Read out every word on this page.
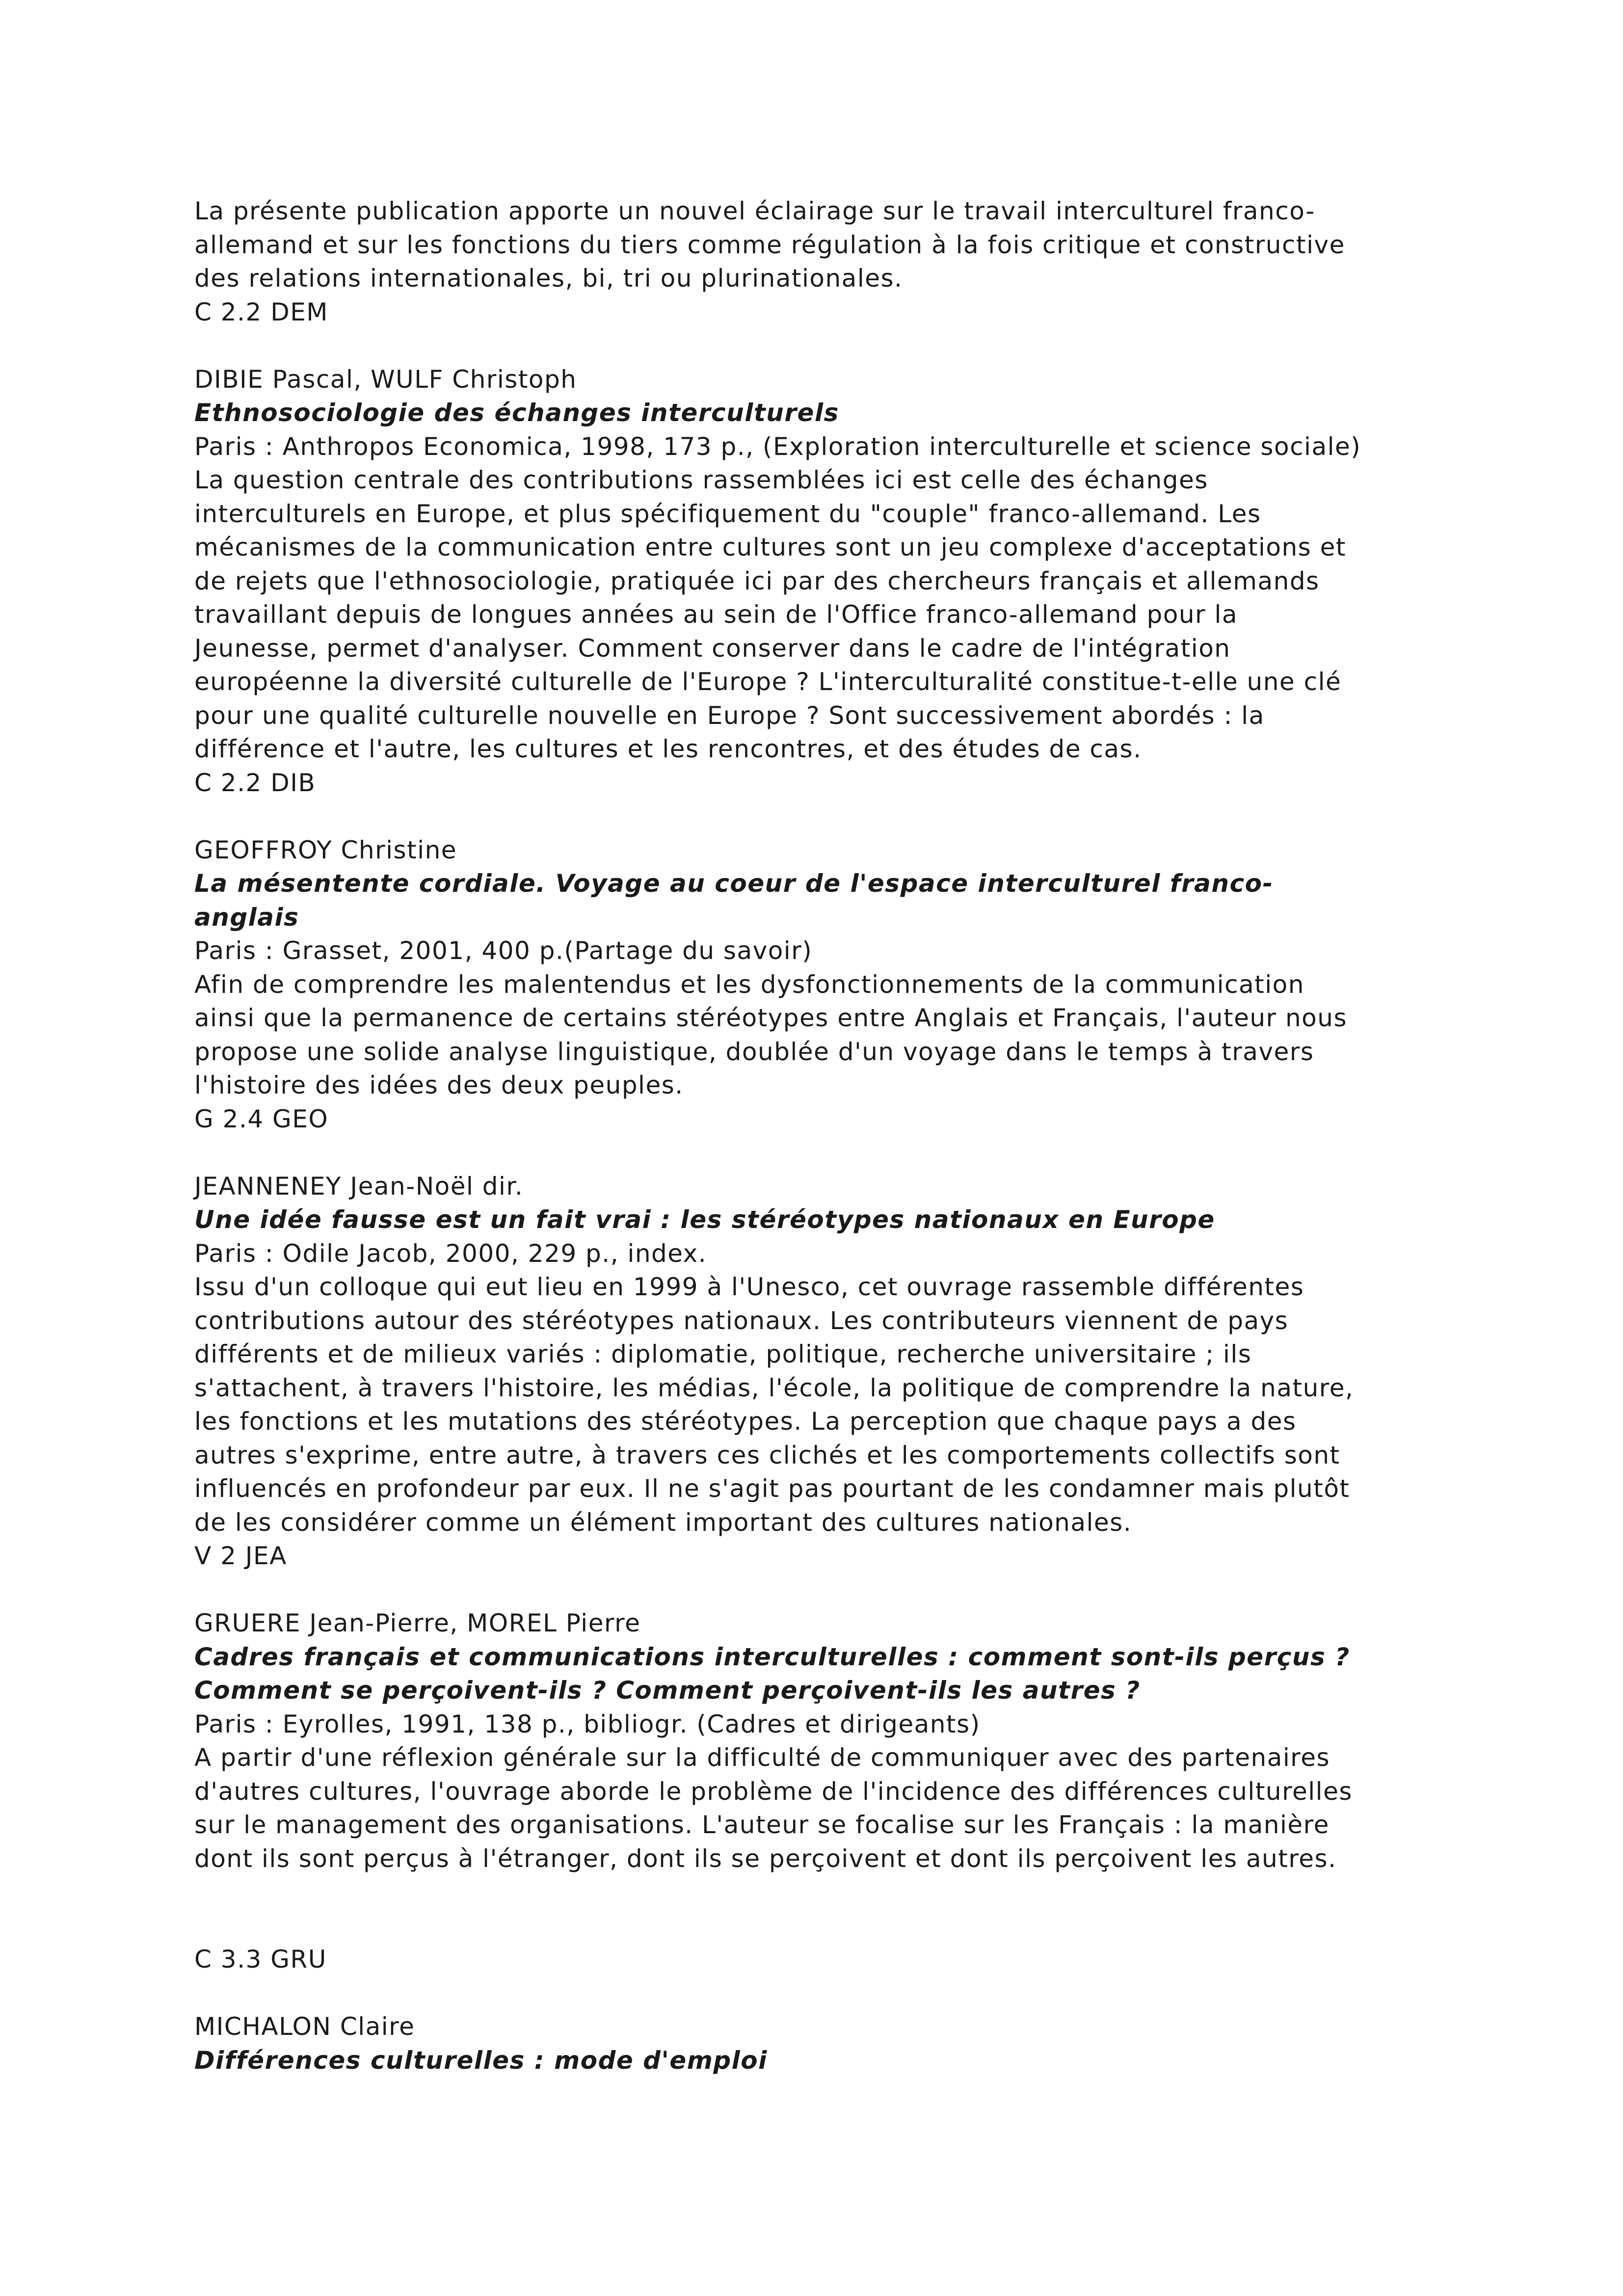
La présente publication apporte un nouvel éclairage sur le travail interculturel franco-
allemand et sur les fonctions du tiers comme régulation à la fois critique et constructive
des relations internationales, bi, tri ou plurinationales.
C 2.2 DEM
DIBIE Pascal, WULF Christoph
Ethnosociologie des échanges interculturels
Paris : Anthropos Economica, 1998, 173 p., (Exploration interculturelle et science sociale)
La question centrale des contributions rassemblées ici est celle des échanges
interculturels en Europe, et plus spécifiquement du "couple" franco-allemand. Les
mécanismes de la communication entre cultures sont un jeu complexe d'acceptations et
de rejets que l'ethnosociologie, pratiquée ici par des chercheurs français et allemands
travaillant depuis de longues années au sein de l'Office franco-allemand pour la
Jeunesse, permet d'analyser. Comment conserver dans le cadre de l'intégration
européenne la diversité culturelle de l'Europe ? L'interculturalité constitue-t-elle une clé
pour une qualité culturelle nouvelle en Europe ? Sont successivement abordés : la
différence et l'autre, les cultures et les rencontres, et des études de cas.
C 2.2 DIB
GEOFFROY Christine
La mésentente cordiale. Voyage au coeur de l'espace interculturel franco-
anglais
Paris : Grasset, 2001, 400 p.(Partage du savoir)
Afin de comprendre les malentendus et les dysfonctionnements de la communication
ainsi que la permanence de certains stéréotypes entre Anglais et Français, l'auteur nous
propose une solide analyse linguistique, doublée d'un voyage dans le temps à travers
l'histoire des idées des deux peuples.
G 2.4 GEO
JEANNENEY Jean-Noël dir.
Une idée fausse est un fait vrai : les stéréotypes nationaux en Europe
Paris : Odile Jacob, 2000, 229 p., index.
Issu d'un colloque qui eut lieu en 1999 à l'Unesco, cet ouvrage rassemble différentes
contributions autour des stéréotypes nationaux. Les contributeurs viennent de pays
différents et de milieux variés : diplomatie, politique, recherche universitaire ; ils
s'attachent, à travers l'histoire, les médias, l'école, la politique de comprendre la nature,
les fonctions et les mutations des stéréotypes. La perception que chaque pays a des
autres s'exprime, entre autre, à travers ces clichés et les comportements collectifs sont
influencés en profondeur par eux. Il ne s'agit pas pourtant de les condamner mais plutôt
de les considérer comme un élément important des cultures nationales.
V 2 JEA
GRUERE Jean-Pierre, MOREL Pierre
Cadres français et communications interculturelles : comment sont-ils perçus ?
Comment se perçoivent-ils ? Comment perçoivent-ils les autres ?
Paris : Eyrolles, 1991, 138 p., bibliogr. (Cadres et dirigeants)
A partir d'une réflexion générale sur la difficulté de communiquer avec des partenaires
d'autres cultures, l'ouvrage aborde le problème de l'incidence des différences culturelles
sur le management des organisations. L'auteur se focalise sur les Français : la manière
dont ils sont perçus à l'étranger, dont ils se perçoivent et dont ils perçoivent les autres.
C 3.3 GRU
MICHALON Claire
Différences culturelles : mode d'emploi
